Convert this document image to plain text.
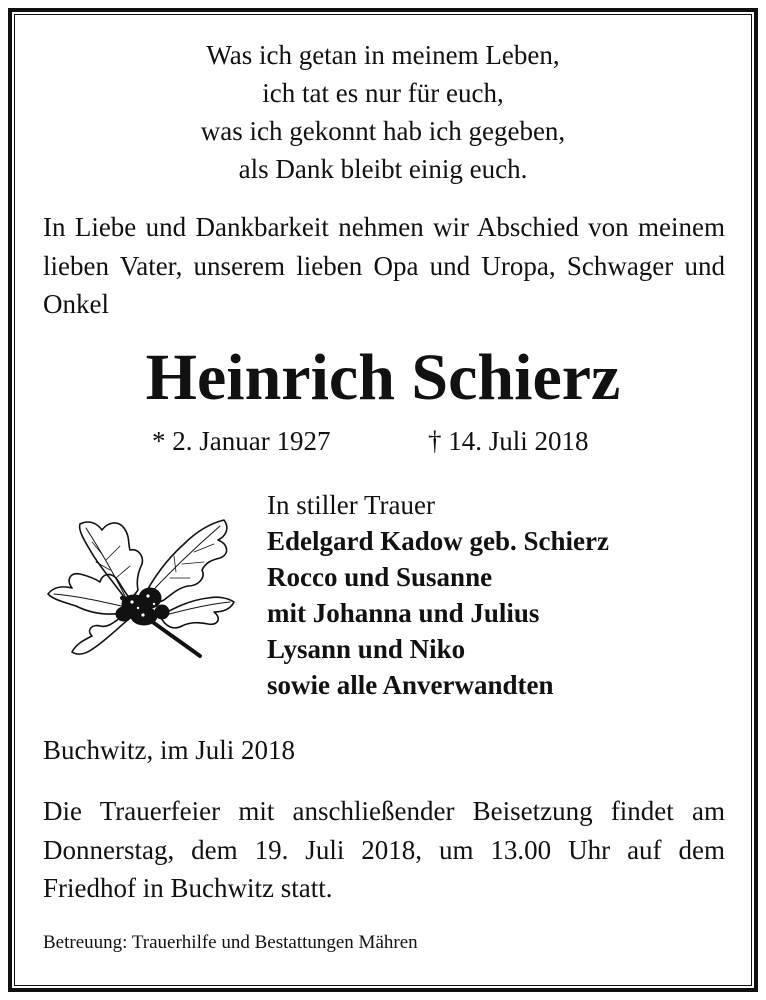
Was ich getan in meinem Leben,
ich tat es nur für euch,
was ich gekonnt hab ich gegeben,
als Dank bleibt einig euch.
In Liebe und Dankbarkeit nehmen wir Abschied von meinem lieben Vater, unserem lieben Opa und Uropa, Schwager und Onkel
Heinrich Schierz
* 2. Januar 1927	† 14. Juli 2018
In stiller Trauer
Edelgard Kadow geb. Schierz
Rocco und Susanne
mit Johanna und Julius
Lysann und Niko
sowie alle Anverwandten
Buchwitz, im Juli 2018
Die Trauerfeier mit anschließender Beisetzung findet am Donnerstag, dem 19. Juli 2018, um 13.00 Uhr auf dem Friedhof in Buchwitz statt.
Betreuung: Trauerhilfe und Bestattungen Mähren
